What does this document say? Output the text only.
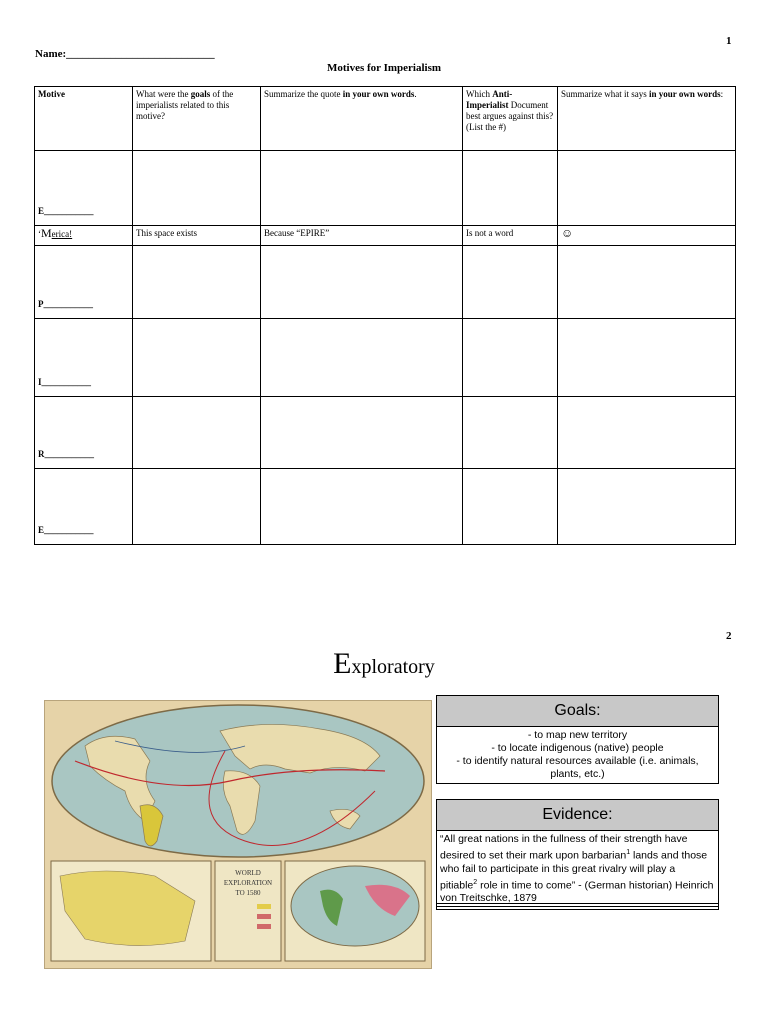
1
Name:___________________________
Motives for Imperialism
Motive	What were the goals of the imperialists related to this motive?	Summarize the quote in your own words.	Which Anti-Imperialist Document best argues against this? (List the #)	Summarize what it says in your own words:
E___________				
‘Merica!	This space exists	Because “EPIRE”	Is not a word	☺
P___________				
I___________				
R___________				
E___________				
2
Exploratory
WORLD
EXPLORATION
TO 1580
Goals:
- to map new territory
- to locate indigenous (native) people
- to identify natural resources available (i.e. animals, plants, etc.)
Evidence:
“All great nations in the fullness of their strength have desired to set their mark upon barbarian$^1$ lands and those who fail to participate in this great rivalry will play a pitiable$^2$ role in time to come” - (German historian) Heinrich von Treitschke, 1879
